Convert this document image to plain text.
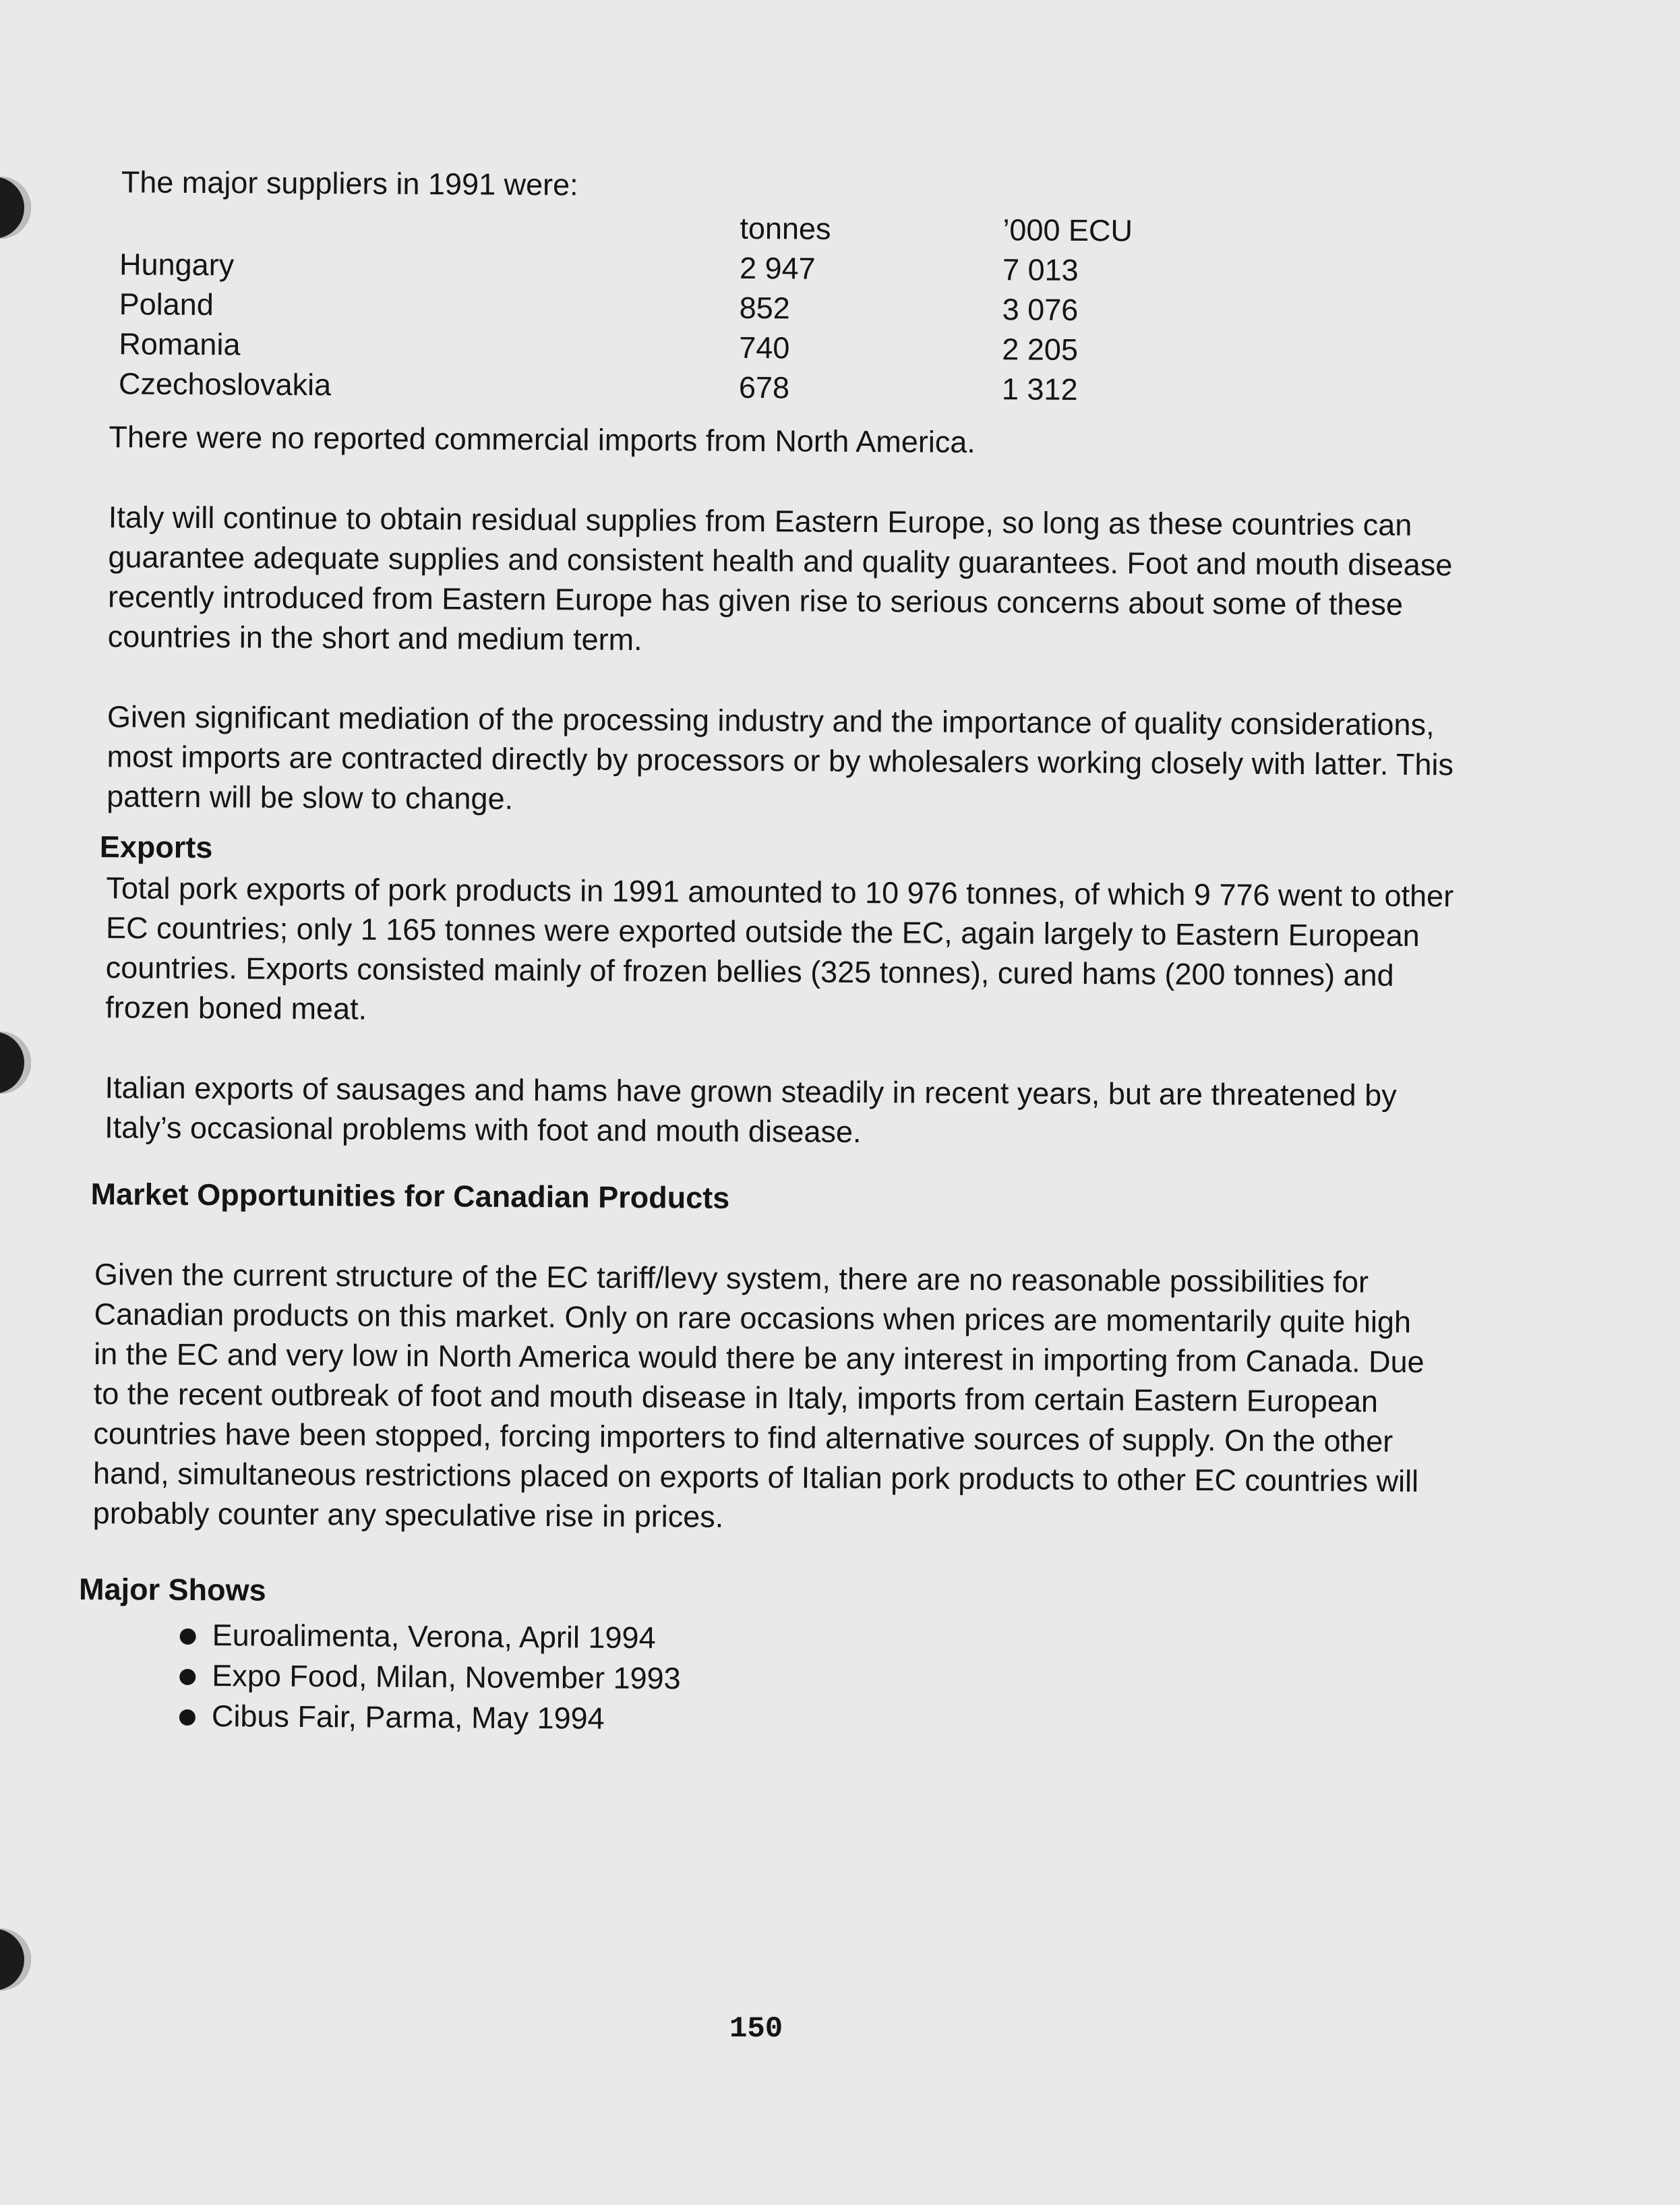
The major suppliers in 1991 were:
	tonnes	’000 ECU
Hungary	2 947	7 013
Poland	852	3 076
Romania	740	2 205
Czechoslovakia	678	1 312

There were no reported commercial imports from North America.

Italy will continue to obtain residual supplies from Eastern Europe, so long as these countries can guarantee adequate supplies and consistent health and quality guarantees. Foot and mouth disease recently introduced from Eastern Europe has given rise to serious concerns about some of these countries in the short and medium term.

Given significant mediation of the processing industry and the importance of quality considerations, most imports are contracted directly by processors or by wholesalers working closely with latter. This pattern will be slow to change.

Exports

Total pork exports of pork products in 1991 amounted to 10 976 tonnes, of which 9 776 went to other EC countries; only 1 165 tonnes were exported outside the EC, again largely to Eastern European countries. Exports consisted mainly of frozen bellies (325 tonnes), cured hams (200 tonnes) and frozen boned meat.

Italian exports of sausages and hams have grown steadily in recent years, but are threatened by Italy’s occasional problems with foot and mouth disease.

Market Opportunities for Canadian Products

Given the current structure of the EC tariff/levy system, there are no reasonable possibilities for Canadian products on this market. Only on rare occasions when prices are momentarily quite high in the EC and very low in North America would there be any interest in importing from Canada. Due to the recent outbreak of foot and mouth disease in Italy, imports from certain Eastern European countries have been stopped, forcing importers to find alternative sources of supply. On the other hand, simultaneous restrictions placed on exports of Italian pork products to other EC countries will probably counter any speculative rise in prices.

Major Shows
Euroalimenta, Verona, April 1994
Expo Food, Milan, November 1993
Cibus Fair, Parma, May 1994
150
